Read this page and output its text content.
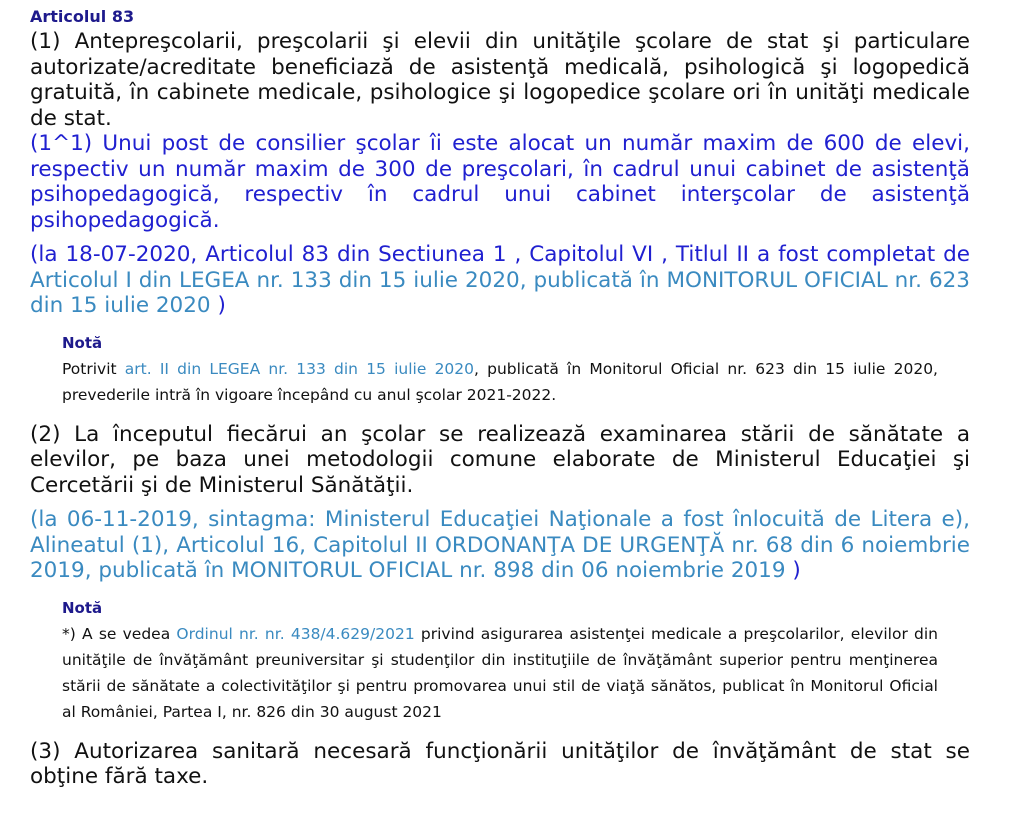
Articolul 83

(1) Antepreşcolarii, preşcolarii şi elevii din unităţile şcolare de stat şi particulare autorizate/acreditate beneficiază de asistenţă medicală, psihologică şi logopedică gratuită, în cabinete medicale, psihologice şi logopedice şcolare ori în unităţi medicale de stat.

(1^1) Unui post de consilier şcolar îi este alocat un număr maxim de 600 de elevi, respectiv un număr maxim de 300 de preşcolari, în cadrul unui cabinet de asistenţă psihopedagogică, respectiv în cadrul unui cabinet interşcolar de asistenţă psihopedagogică.

(la 18-07-2020, Articolul 83 din Sectiunea 1 , Capitolul VI , Titlul II a fost completat de Articolul I din LEGEA nr. 133 din 15 iulie 2020, publicată în MONITORUL OFICIAL nr. 623 din 15 iulie 2020 )

Notă

Potrivit art. II din LEGEA nr. 133 din 15 iulie 2020, publicată în Monitorul Oficial nr. 623 din 15 iulie 2020, prevederile intră în vigoare începând cu anul şcolar 2021-2022.

(2) La începutul fiecărui an şcolar se realizează examinarea stării de sănătate a elevilor, pe baza unei metodologii comune elaborate de Ministerul Educaţiei şi Cercetării şi de Ministerul Sănătăţii.

(la 06-11-2019, sintagma: Ministerul Educaţiei Naţionale a fost înlocuită de Litera e), Alineatul (1), Articolul 16, Capitolul II ORDONANŢA DE URGENŢĂ nr. 68 din 6 noiembrie 2019, publicată în MONITORUL OFICIAL nr. 898 din 06 noiembrie 2019 )

Notă

*) A se vedea Ordinul nr. nr. 438/4.629/2021 privind asigurarea asistenţei medicale a preşcolarilor, elevilor din unităţile de învăţământ preuniversitar şi studenţilor din instituţiile de învăţământ superior pentru menţinerea stării de sănătate a colectivităţilor şi pentru promovarea unui stil de viaţă sănătos, publicat în Monitorul Oficial al României, Partea I, nr. 826 din 30 august 2021

(3) Autorizarea sanitară necesară funcţionării unităţilor de învăţământ de stat se obţine fără taxe.
